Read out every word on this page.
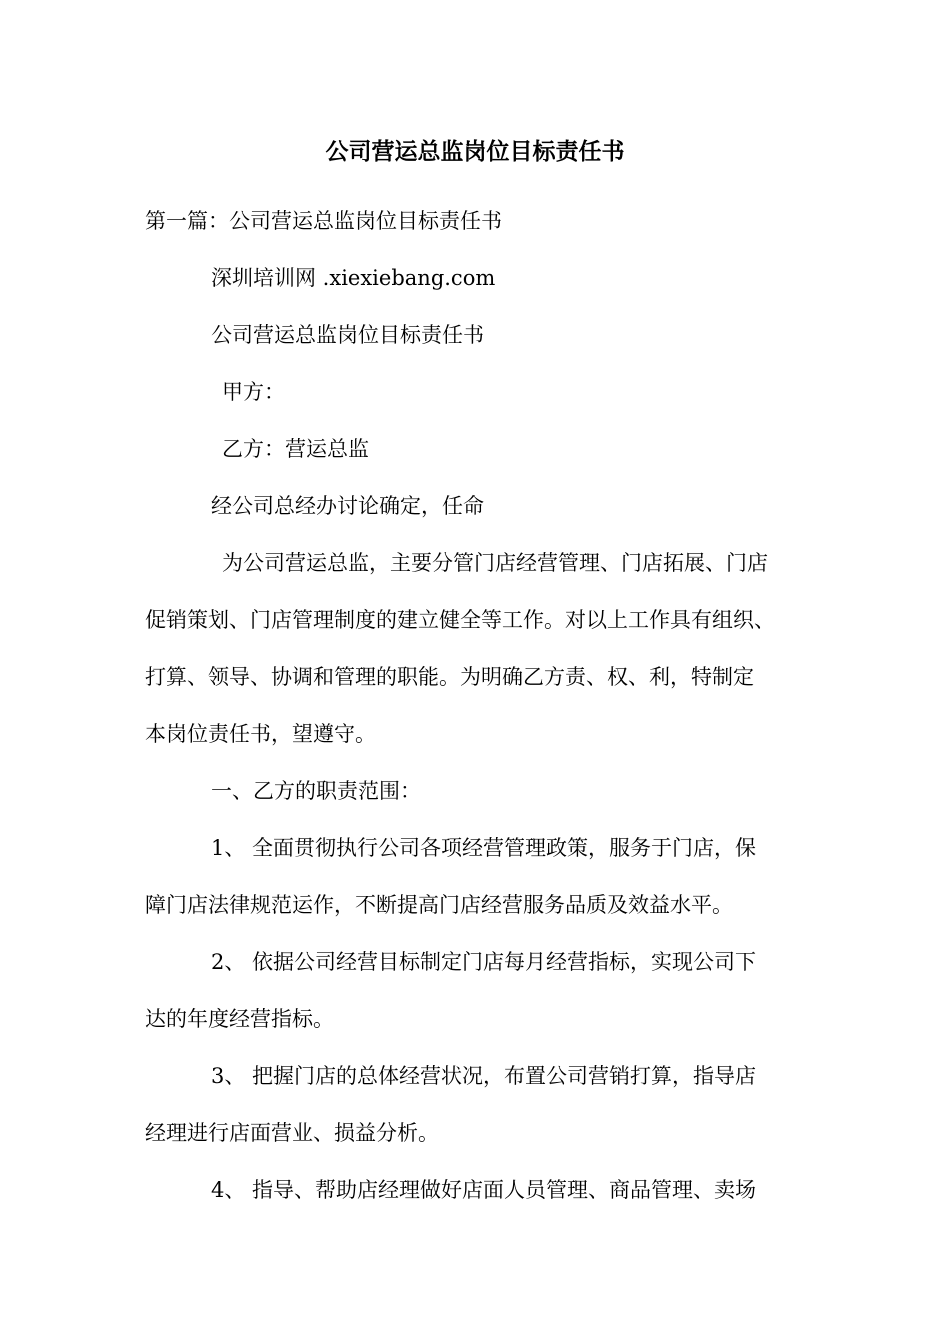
公司营运总监岗位目标责任书

第一篇：公司营运总监岗位目标责任书

深圳培训网 .xiexiebang.com

公司营运总监岗位目标责任书

甲方：

乙方：营运总监

经公司总经办讨论确定，任命

为公司营运总监，主要分管门店经营管理、门店拓展、门店

促销策划、门店管理制度的建立健全等工作。对以上工作具有组织、

打算、领导、协调和管理的职能。为明确乙方责、权、利，特制定

本岗位责任书，望遵守。

一、乙方的职责范围：

1、 全面贯彻执行公司各项经营管理政策，服务于门店，保

障门店法律规范运作，不断提高门店经营服务品质及效益水平。

2、 依据公司经营目标制定门店每月经营指标，实现公司下

达的年度经营指标。

3、 把握门店的总体经营状况，布置公司营销打算，指导店

经理进行店面营业、损益分析。

4、 指导、帮助店经理做好店面人员管理、商品管理、卖场
